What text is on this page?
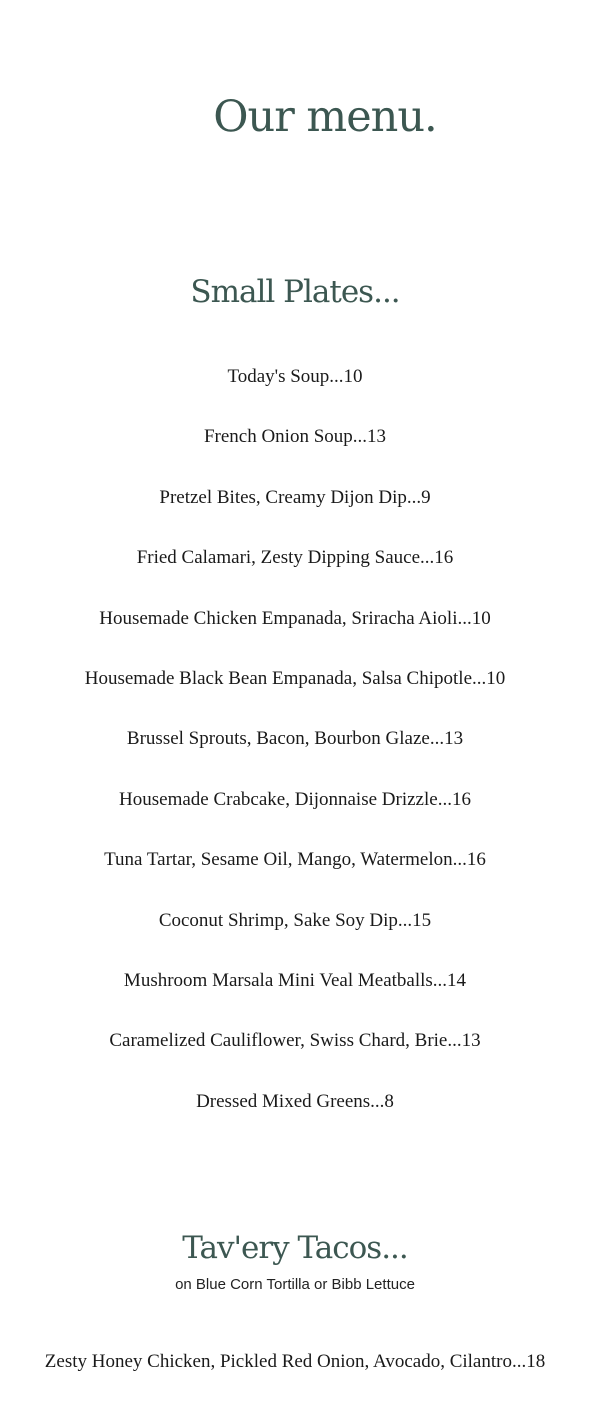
Our menu.
Small Plates...
Today's Soup...10
French Onion Soup...13
Pretzel Bites, Creamy Dijon Dip...9
Fried Calamari, Zesty Dipping Sauce...16
Housemade Chicken Empanada, Sriracha Aioli...10
Housemade Black Bean Empanada, Salsa Chipotle...10
Brussel Sprouts, Bacon, Bourbon Glaze...13
Housemade Crabcake, Dijonnaise Drizzle...16
Tuna Tartar, Sesame Oil, Mango, Watermelon...16
Coconut Shrimp, Sake Soy Dip...15
Mushroom Marsala Mini Veal Meatballs...14
Caramelized Cauliflower, Swiss Chard, Brie...13
Dressed Mixed Greens...8
Tav'ery Tacos...

on Blue Corn Tortilla or Bibb Lettuce

Zesty Honey Chicken, Pickled Red Onion, Avocado, Cilantro...18
